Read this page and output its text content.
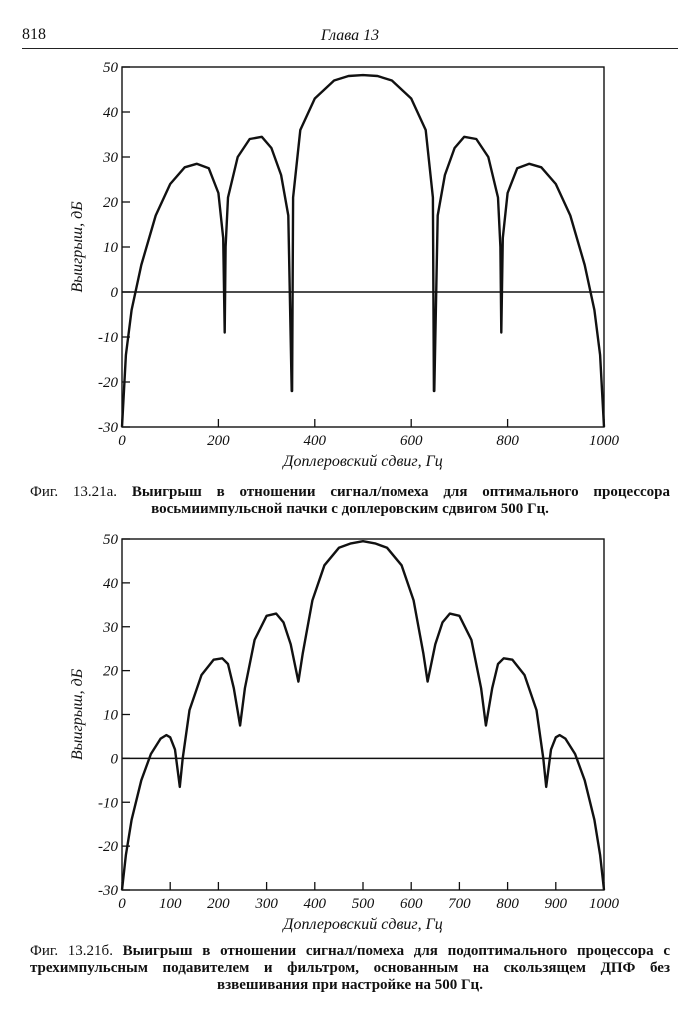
818	Глава 13
50
40
30
20
10
0
-10
-20
-30
0	200	400	600	800	1000
Доплеровский сдвиг, Гц
Выигрыш, дБ
Фиг. 13.21а. Выигрыш в отношении сигнал/помеха для оптимального процессора восьмиимпульсной пачки с доплеровским сдвигом 500 Гц.
50
40
30
20
10
0
-10
-20
-30
0 100 200 300 400 500 600 700 800 900 1000
Доплеровский сдвиг, Гц
Выигрыш, дБ
Фиг. 13.21б. Выигрыш в отношении сигнал/помеха для подоптимального процессора с трехимпульсным подавителем и фильтром, основанным на скользящем ДПФ без взвешивания при настройке на 500 Гц.
